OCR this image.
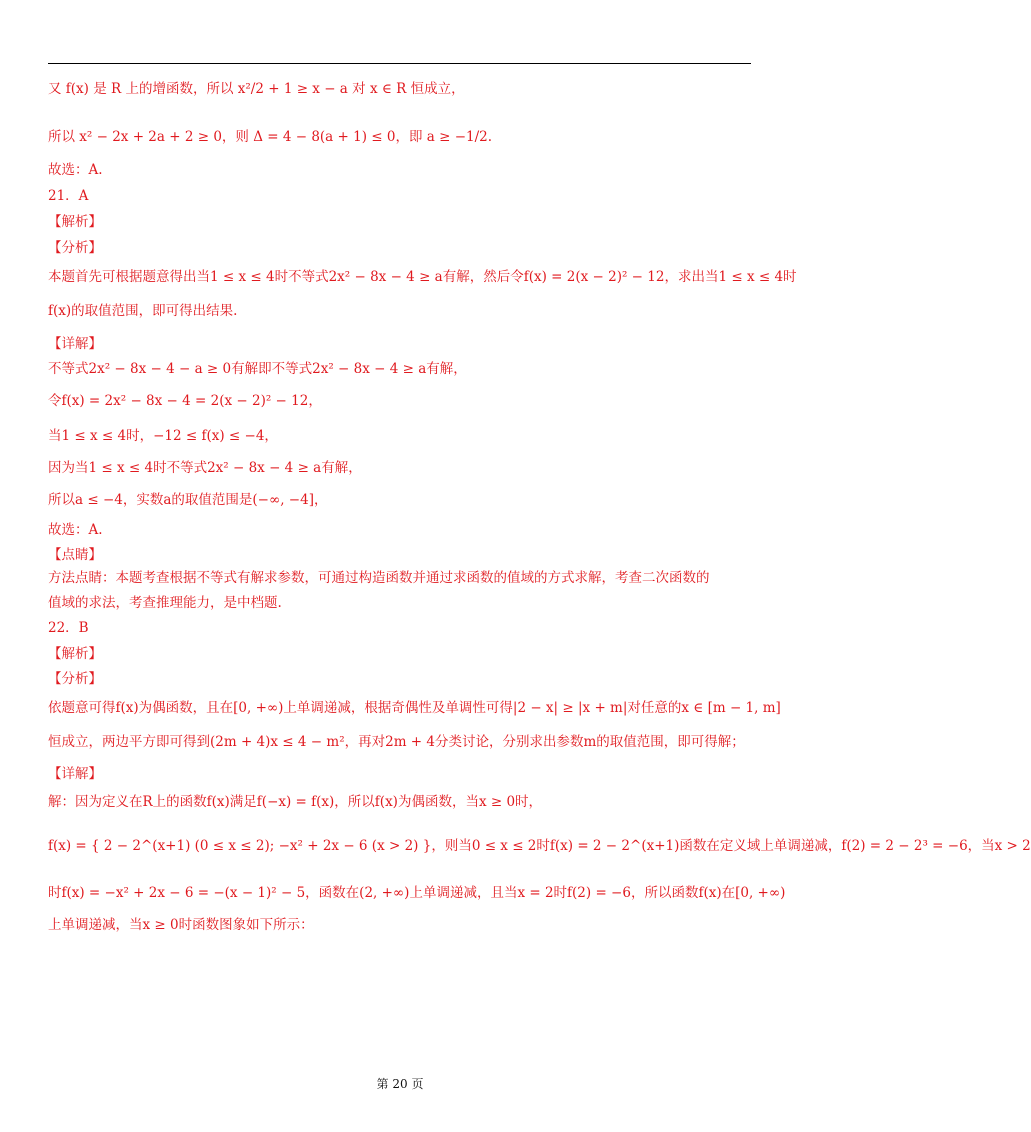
又 f(x) 是 R 上的增函数，所以 x²/2 + 1 ≥ x − a 对 x ∈ R 恒成立，
所以 x² − 2x + 2a + 2 ≥ 0，则 Δ = 4 − 8(a + 1) ≤ 0，即 a ≥ −1/2.
故选：A.
21．A
【解析】
【分析】
本题首先可根据题意得出当1 ≤ x ≤ 4时不等式2x² − 8x − 4 ≥ a有解，然后令f(x) = 2(x − 2)² − 12，求出当1 ≤ x ≤ 4时
f(x)的取值范围，即可得出结果.
【详解】
不等式2x² − 8x − 4 − a ≥ 0有解即不等式2x² − 8x − 4 ≥ a有解，
令f(x) = 2x² − 8x − 4 = 2(x − 2)² − 12，
当1 ≤ x ≤ 4时，−12 ≤ f(x) ≤ −4，
因为当1 ≤ x ≤ 4时不等式2x² − 8x − 4 ≥ a有解，
所以a ≤ −4，实数a的取值范围是(−∞, −4]，
故选：A.
【点睛】
方法点睛：本题考查根据不等式有解求参数，可通过构造函数并通过求函数的值域的方式求解，考查二次函数的
值域的求法，考查推理能力，是中档题.
22．B
【解析】
【分析】
依题意可得f(x)为偶函数，且在[0, +∞)上单调递减，根据奇偶性及单调性可得|2 − x| ≥ |x + m|对任意的x ∈ [m − 1, m]
恒成立，两边平方即可得到(2m + 4)x ≤ 4 − m²，再对2m + 4分类讨论，分别求出参数m的取值范围，即可得解；
【详解】
解：因为定义在R上的函数f(x)满足f(−x) = f(x)，所以f(x)为偶函数，当x ≥ 0时，
f(x) = { 2 − 2^(x+1) (0 ≤ x ≤ 2); −x² + 2x − 6 (x > 2) }，则当0 ≤ x ≤ 2时f(x) = 2 − 2^(x+1)函数在定义域上单调递减，f(2) = 2 − 2³ = −6，当x > 2
时f(x) = −x² + 2x − 6 = −(x − 1)² − 5，函数在(2, +∞)上单调递减，且当x = 2时f(2) = −6，所以函数f(x)在[0, +∞)
上单调递减，当x ≥ 0时函数图象如下所示：
第 20 页
